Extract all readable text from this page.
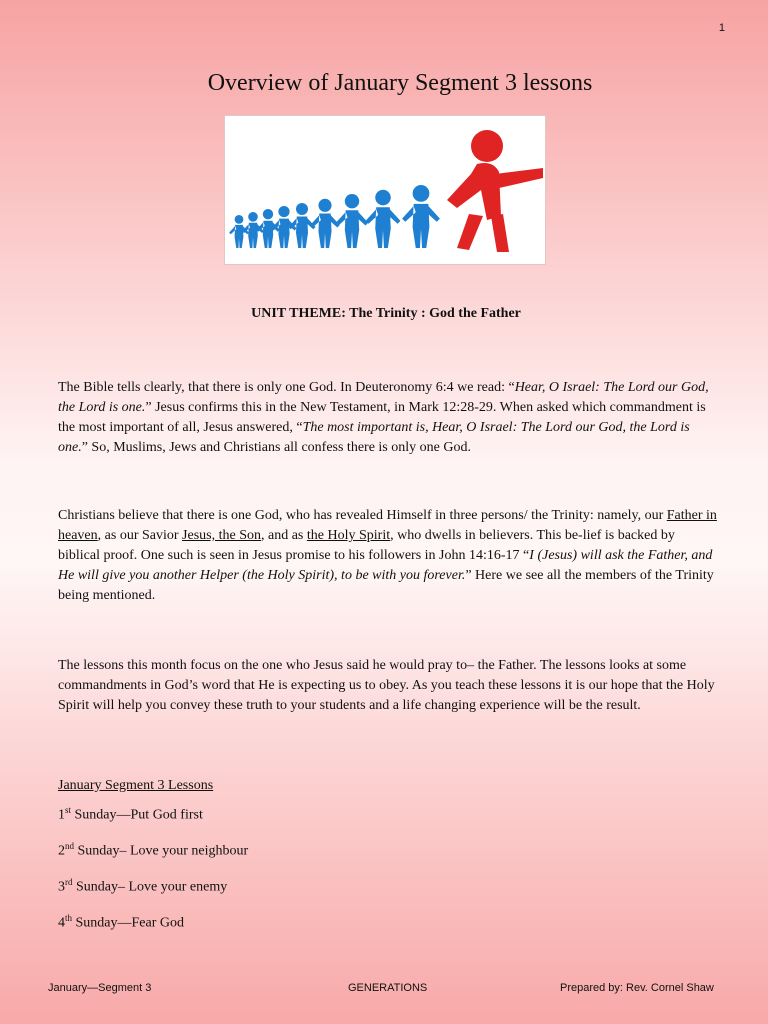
1
Overview of January Segment 3 lessons
UNIT THEME: The Trinity : God the Father
The Bible tells clearly, that there is only one God. In Deuteronomy 6:4 we read: “Hear, O Israel: The Lord our God, the Lord is one.” Jesus confirms this in the New Testament, in Mark 12:28-29. When asked which commandment is the most important of all, Jesus answered, “The most important is, Hear, O Israel: The Lord our God, the Lord is one.” So, Muslims, Jews and Christians all confess there is only one God.
Christians believe that there is one God, who has revealed Himself in three persons/ the Trinity: namely, our Father in heaven, as our Savior Jesus, the Son, and as the Holy Spirit, who dwells in believers. This be-lief is backed by biblical proof. One such is seen in Jesus promise to his followers in John 14:16-17 “I (Jesus) will ask the Father, and He will give you another Helper (the Holy Spirit), to be with you forever.” Here we see all the members of the Trinity being mentioned.
The lessons this month focus on the one who Jesus said he would pray to– the Father. The lessons looks at some commandments in God’s word that He is expecting us to obey. As you teach these lessons it is our hope that the Holy Spirit will help you convey these truth to your students and a life changing experience will be the result.
January Segment 3 Lessons
1st Sunday—Put God first
2nd Sunday– Love your neighbour
3rd Sunday– Love your enemy
4th Sunday—Fear God
January—Segment 3	GENERATIONS	Prepared by: Rev. Cornel Shaw
